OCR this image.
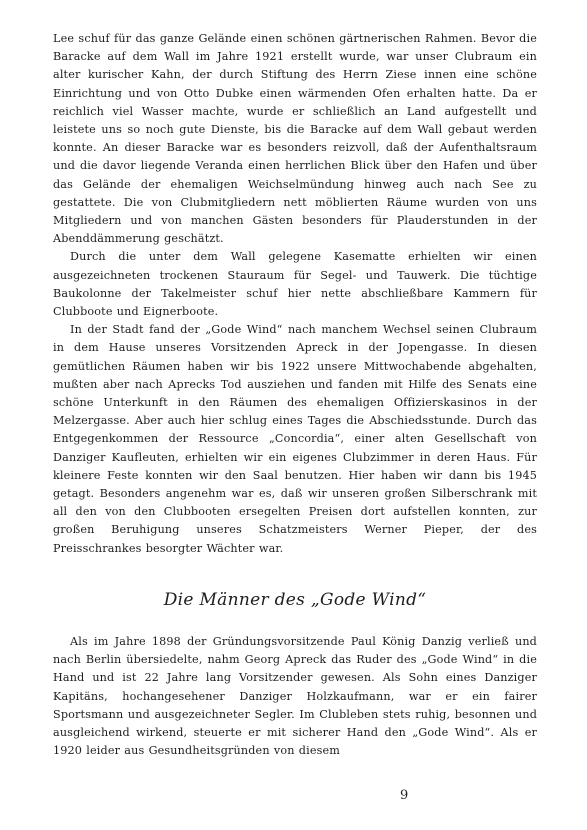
Lee schuf für das ganze Gelände einen schönen gärtnerischen Rahmen. Bevor die Baracke auf dem Wall im Jahre 1921 erstellt wurde, war unser Clubraum ein alter kurischer Kahn, der durch Stiftung des Herrn Ziese innen eine schöne Einrichtung und von Otto Dubke einen wärmenden Ofen erhalten hatte. Da er reichlich viel Wasser machte, wurde er schließlich an Land aufgestellt und leistete uns so noch gute Dienste, bis die Baracke auf dem Wall gebaut werden konnte. An dieser Baracke war es besonders reizvoll, daß der Aufenthaltsraum und die davor liegende Veranda einen herrlichen Blick über den Hafen und über das Gelände der ehemaligen Weichselmündung hinweg auch nach See zu gestattete. Die von Clubmitgliedern nett möblierten Räume wurden von uns Mitgliedern und von manchen Gästen besonders für Plauderstunden in der Abenddämmerung geschätzt.

Durch die unter dem Wall gelegene Kasematte erhielten wir einen ausgezeichneten trockenen Stauraum für Segel- und Tauwerk. Die tüchtige Baukolonne der Takelmeister schuf hier nette abschließbare Kammern für Clubboote und Eignerboote.

In der Stadt fand der „Gode Wind“ nach manchem Wechsel seinen Clubraum in dem Hause unseres Vorsitzenden Apreck in der Jopengasse. In diesen gemütlichen Räumen haben wir bis 1922 unsere Mittwochabende abgehalten, mußten aber nach Aprecks Tod ausziehen und fanden mit Hilfe des Senats eine schöne Unterkunft in den Räumen des ehemaligen Offizierskasinos in der Melzergasse. Aber auch hier schlug eines Tages die Abschiedsstunde. Durch das Entgegenkommen der Ressource „Concordia“, einer alten Gesellschaft von Danziger Kaufleuten, erhielten wir ein eigenes Clubzimmer in deren Haus. Für kleinere Feste konnten wir den Saal benutzen. Hier haben wir dann bis 1945 getagt. Besonders angenehm war es, daß wir unseren großen Silberschrank mit all den von den Clubbooten ersegelten Preisen dort aufstellen konnten, zur großen Beruhigung unseres Schatzmeisters Werner Pieper, der des Preisschrankes besorgter Wächter war.

Die Männer des „Gode Wind“

Als im Jahre 1898 der Gründungsvorsitzende Paul König Danzig verließ und nach Berlin übersiedelte, nahm Georg Apreck das Ruder des „Gode Wind“ in die Hand und ist 22 Jahre lang Vorsitzender gewesen. Als Sohn eines Danziger Kapitäns, hochangesehener Danziger Holzkaufmann, war er ein fairer Sportsmann und ausgezeichneter Segler. Im Clubleben stets ruhig, besonnen und ausgleichend wirkend, steuerte er mit sicherer Hand den „Gode Wind“. Als er 1920 leider aus Gesundheitsgründen von diesem

9
